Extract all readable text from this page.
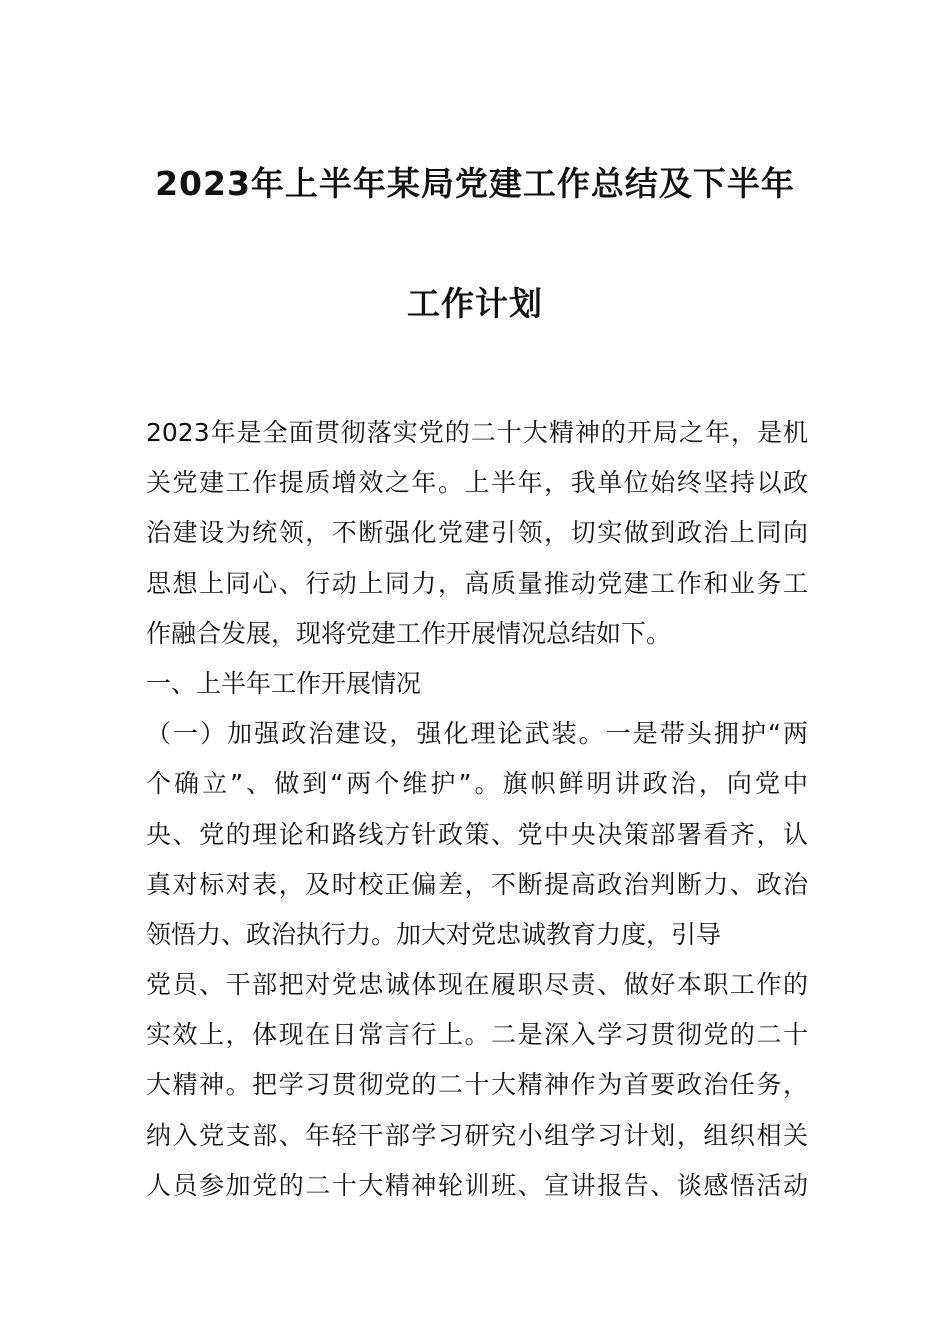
2023年上半年某局党建工作总结及下半年
工作计划
2023年是全面贯彻落实党的二十大精神的开局之年，是机
关党建工作提质增效之年。上半年，我单位始终坚持以政
治建设为统领，不断强化党建引领，切实做到政治上同向
思想上同心、行动上同力，高质量推动党建工作和业务工
作融合发展，现将党建工作开展情况总结如下。
一、上半年工作开展情况
（一）加强政治建设，强化理论武装。一是带头拥护“两
个确立”、做到“两个维护”。旗帜鲜明讲政治，向党中
央、党的理论和路线方针政策、党中央决策部署看齐，认
真对标对表，及时校正偏差，不断提高政治判断力、政治
领悟力、政治执行力。加大对党忠诚教育力度，引导
党员、干部把对党忠诚体现在履职尽责、做好本职工作的
实效上，体现在日常言行上。二是深入学习贯彻党的二十
大精神。把学习贯彻党的二十大精神作为首要政治任务，
纳入党支部、年轻干部学习研究小组学习计划，组织相关
人员参加党的二十大精神轮训班、宣讲报告、谈感悟活动
